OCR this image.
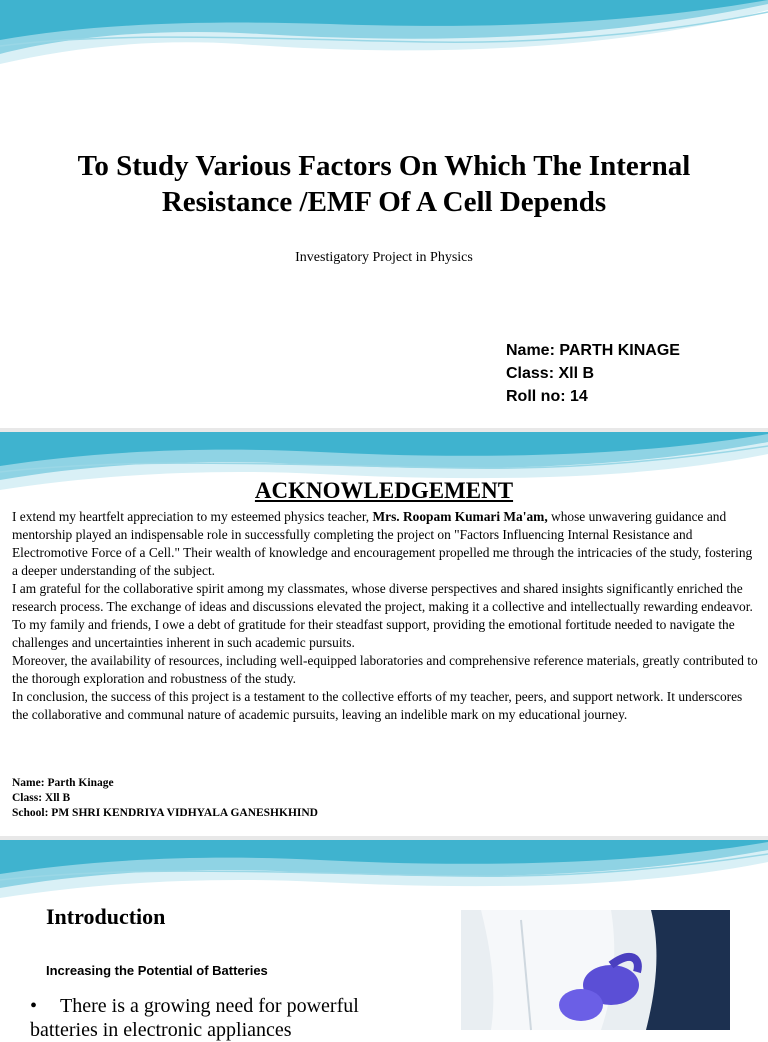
To Study Various Factors On Which The Internal
Resistance /EMF Of A Cell Depends
Investigatory Project in Physics
Name: PARTH KINAGE
Class: Xll B
Roll no: 14
ACKNOWLEDGEMENT

I extend my heartfelt appreciation to my esteemed physics teacher, Mrs. Roopam Kumari Ma'am, whose unwavering guidance and mentorship played an indispensable role in successfully completing the project on "Factors Influencing Internal Resistance and Electromotive Force of a Cell." Their wealth of knowledge and encouragement propelled me through the intricacies of the study, fostering a deeper understanding of the subject.

I am grateful for the collaborative spirit among my classmates, whose diverse perspectives and shared insights significantly enriched the research process. The exchange of ideas and discussions elevated the project, making it a collective and intellectually rewarding endeavor.

To my family and friends, I owe a debt of gratitude for their steadfast support, providing the emotional fortitude needed to navigate the challenges and uncertainties inherent in such academic pursuits.

Moreover, the availability of resources, including well-equipped laboratories and comprehensive reference materials, greatly contributed to the thorough exploration and robustness of the study.

In conclusion, the success of this project is a testament to the collective efforts of my teacher, peers, and support network. It underscores the collaborative and communal nature of academic pursuits, leaving an indelible mark on my educational journey.

Name: Parth Kinage
Class: Xll B
School: PM SHRI KENDRIYA VIDHYALA GANESHKHIND
Introduction
Increasing the Potential of Batteries
• There is a growing need for powerful batteries in electronic appliances
